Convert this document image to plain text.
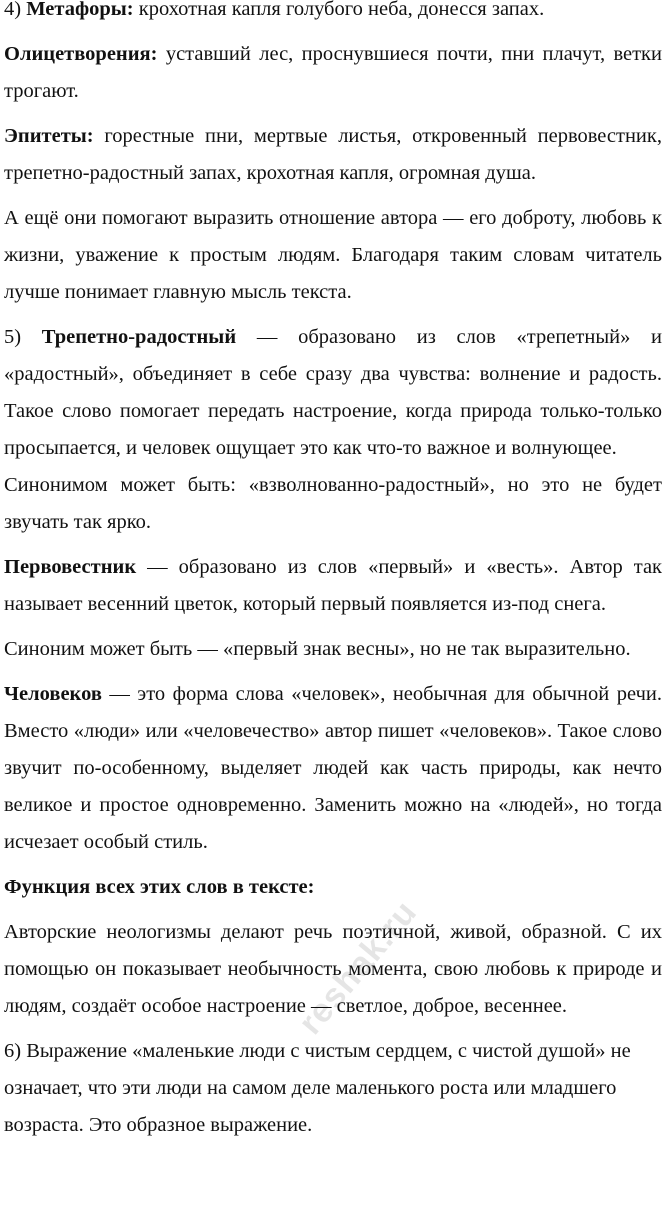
4) Метафоры: крохотная капля голубого неба, донесся запах.

Олицетворения: уставший лес, проснувшиеся почти, пни плачут, ветки трогают.

Эпитеты: горестные пни, мертвые листья, откровенный первовестник, трепетно-радостный запах, крохотная капля, огромная душа.

А ещё они помогают выразить отношение автора — его доброту, любовь к жизни, уважение к простым людям. Благодаря таким словам читатель лучше понимает главную мысль текста.

5) Трепетно-радостный — образовано из слов «трепетный» и «радостный», объединяет в себе сразу два чувства: волнение и радость. Такое слово помогает передать настроение, когда природа только-только просыпается, и человек ощущает это как что-то важное и волнующее.

Синонимом может быть: «взволнованно-радостный», но это не будет звучать так ярко.

Первовестник — образовано из слов «первый» и «весть». Автор так называет весенний цветок, который первый появляется из-под снега.

Синоним может быть — «первый знак весны», но не так выразительно.

Человеков — это форма слова «человек», необычная для обычной речи. Вместо «люди» или «человечество» автор пишет «человеков». Такое слово звучит по-особенному, выделяет людей как часть природы, как нечто великое и простое одновременно. Заменить можно на «людей», но тогда исчезает особый стиль.

Функция всех этих слов в тексте:

Авторские неологизмы делают речь поэтичной, живой, образной. С их помощью он показывает необычность момента, свою любовь к природе и людям, создаёт особое настроение — светлое, доброе, весеннее.

6) Выражение «маленькие люди с чистым сердцем, с чистой душой» не означает, что эти люди на самом деле маленького роста или младшего возраста. Это образное выражение.

reshak.ru
